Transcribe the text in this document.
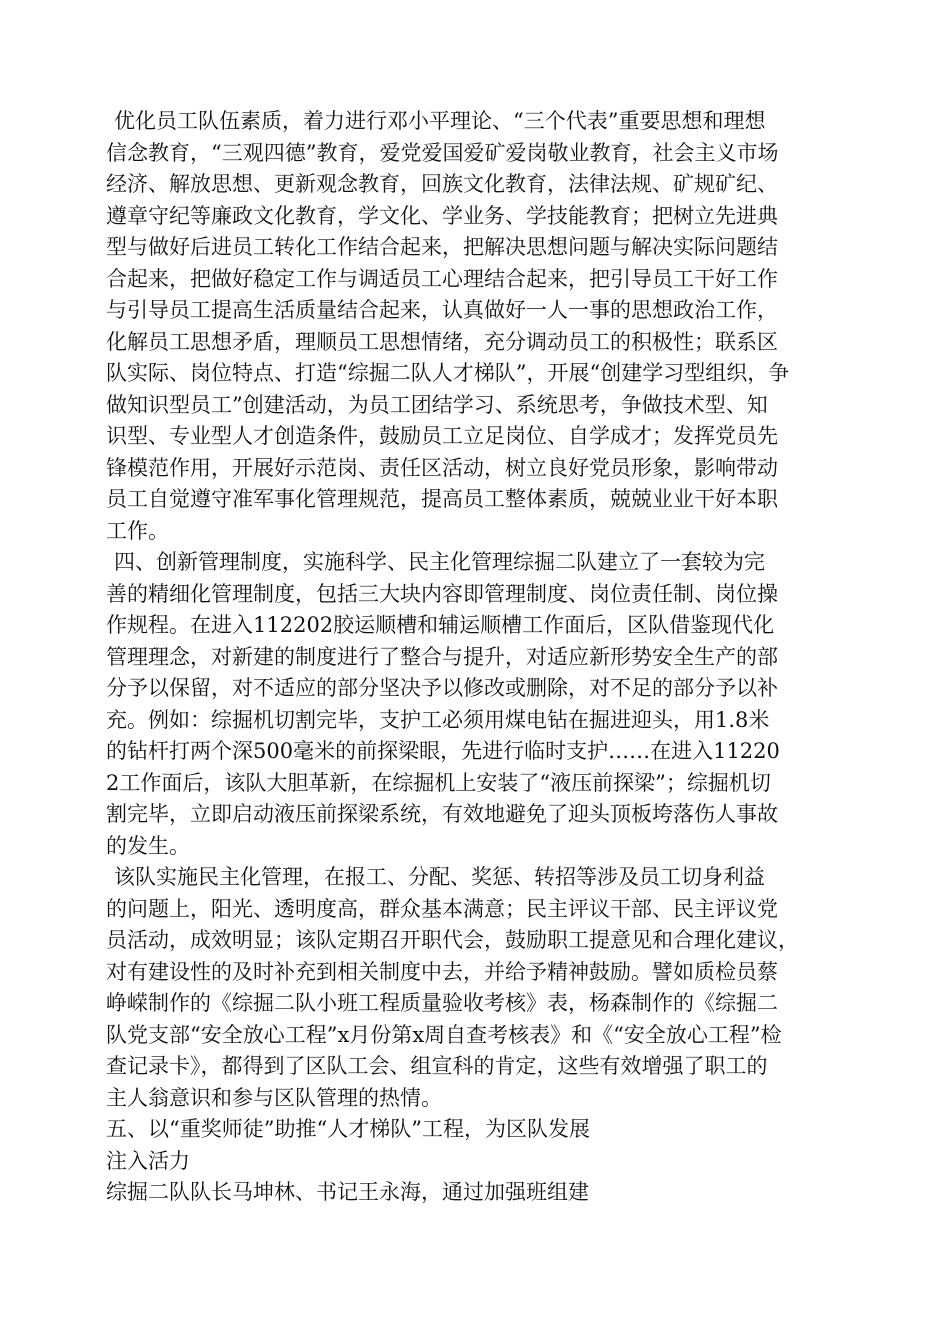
优化员工队伍素质，着力进行邓小平理论、“三个代表”重要思想和理想
信念教育，“三观四德”教育，爱党爱国爱矿爱岗敬业教育，社会主义市场
经济、解放思想、更新观念教育，回族文化教育，法律法规、矿规矿纪、
遵章守纪等廉政文化教育，学文化、学业务、学技能教育；把树立先进典
型与做好后进员工转化工作结合起来，把解决思想问题与解决实际问题结
合起来，把做好稳定工作与调适员工心理结合起来，把引导员工干好工作
与引导员工提高生活质量结合起来，认真做好一人一事的思想政治工作，
化解员工思想矛盾，理顺员工思想情绪，充分调动员工的积极性；联系区
队实际、岗位特点、打造“综掘二队人才梯队”，开展“创建学习型组织，争
做知识型员工”创建活动，为员工团结学习、系统思考，争做技术型、知
识型、专业型人才创造条件，鼓励员工立足岗位、自学成才；发挥党员先
锋模范作用，开展好示范岗、责任区活动，树立良好党员形象，影响带动
员工自觉遵守准军事化管理规范，提高员工整体素质，兢兢业业干好本职
工作。
四、创新管理制度，实施科学、民主化管理综掘二队建立了一套较为完
善的精细化管理制度，包括三大块内容即管理制度、岗位责任制、岗位操
作规程。在进入112202胶运顺槽和辅运顺槽工作面后，区队借鉴现代化
管理理念，对新建的制度进行了整合与提升，对适应新形势安全生产的部
分予以保留，对不适应的部分坚决予以修改或删除，对不足的部分予以补
充。例如：综掘机切割完毕，支护工必须用煤电钻在掘进迎头，用1.8米
的钻杆打两个深500毫米的前探梁眼，先进行临时支护……在进入11220
2工作面后，该队大胆革新，在综掘机上安装了“液压前探梁”；综掘机切
割完毕，立即启动液压前探梁系统，有效地避免了迎头顶板垮落伤人事故
的发生。
该队实施民主化管理，在报工、分配、奖惩、转招等涉及员工切身利益
的问题上，阳光、透明度高，群众基本满意；民主评议干部、民主评议党
员活动，成效明显；该队定期召开职代会，鼓励职工提意见和合理化建议，
对有建设性的及时补充到相关制度中去，并给予精神鼓励。譬如质检员蔡
峥嵘制作的《综掘二队小班工程质量验收考核》表，杨森制作的《综掘二
队党支部“安全放心工程”x月份第x周自查考核表》和《“安全放心工程”检
查记录卡》，都得到了区队工会、组宣科的肯定，这些有效增强了职工的
主人翁意识和参与区队管理的热情。
五、以“重奖师徒”助推“人才梯队”工程，为区队发展
注入活力
综掘二队队长马坤林、书记王永海，通过加强班组建
